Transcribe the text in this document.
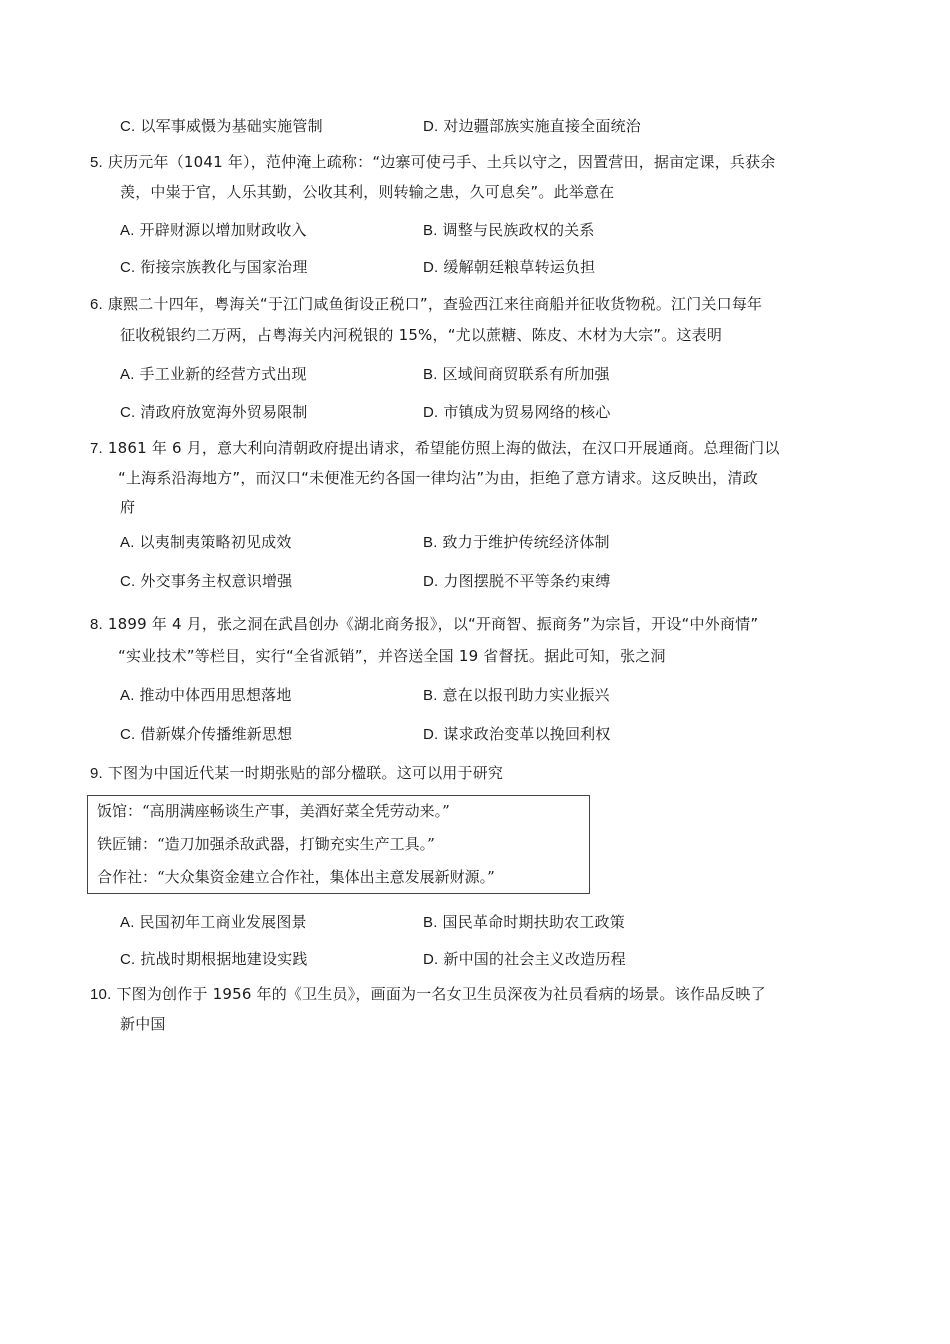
C. 以军事威慑为基础实施管制	D. 对边疆部族实施直接全面统治
5. 庆历元年（1041 年），范仲淹上疏称：“边寨可使弓手、土兵以守之，因置营田，据亩定课，兵获余
羡，中粜于官，人乐其勤，公收其利，则转输之患，久可息矣”。此举意在
A. 开辟财源以增加财政收入	B. 调整与民族政权的关系
C. 衔接宗族教化与国家治理	D. 缓解朝廷粮草转运负担
6. 康熙二十四年，粤海关“于江门咸鱼街设正税口”，查验西江来往商船并征收货物税。江门关口每年
征收税银约二万两，占粤海关内河税银的 15%，“尤以蔗糖、陈皮、木材为大宗”。这表明
A. 手工业新的经营方式出现	B. 区域间商贸联系有所加强
C. 清政府放宽海外贸易限制	D. 市镇成为贸易网络的核心
7. 1861 年 6 月，意大利向清朝政府提出请求，希望能仿照上海的做法，在汉口开展通商。总理衙门以
“上海系沿海地方”，而汉口“未便准无约各国一律均沾”为由，拒绝了意方请求。这反映出，清政
府
A. 以夷制夷策略初见成效	B. 致力于维护传统经济体制
C. 外交事务主权意识增强	D. 力图摆脱不平等条约束缚
8. 1899 年 4 月，张之洞在武昌创办《湖北商务报》，以“开商智、振商务”为宗旨，开设“中外商情”
“实业技术”等栏目，实行“全省派销”，并咨送全国 19 省督抚。据此可知，张之洞
A. 推动中体西用思想落地	B. 意在以报刊助力实业振兴
C. 借新媒介传播维新思想	D. 谋求政治变革以挽回利权
9. 下图为中国近代某一时期张贴的部分楹联。这可以用于研究
饭馆：“高朋满座畅谈生产事，美酒好菜全凭劳动来。”
铁匠铺：“造刀加强杀敌武器，打锄充实生产工具。”
合作社：“大众集资金建立合作社，集体出主意发展新财源。”
A. 民国初年工商业发展图景	B. 国民革命时期扶助农工政策
C. 抗战时期根据地建设实践	D. 新中国的社会主义改造历程
10. 下图为创作于 1956 年的《卫生员》，画面为一名女卫生员深夜为社员看病的场景。该作品反映了
新中国
